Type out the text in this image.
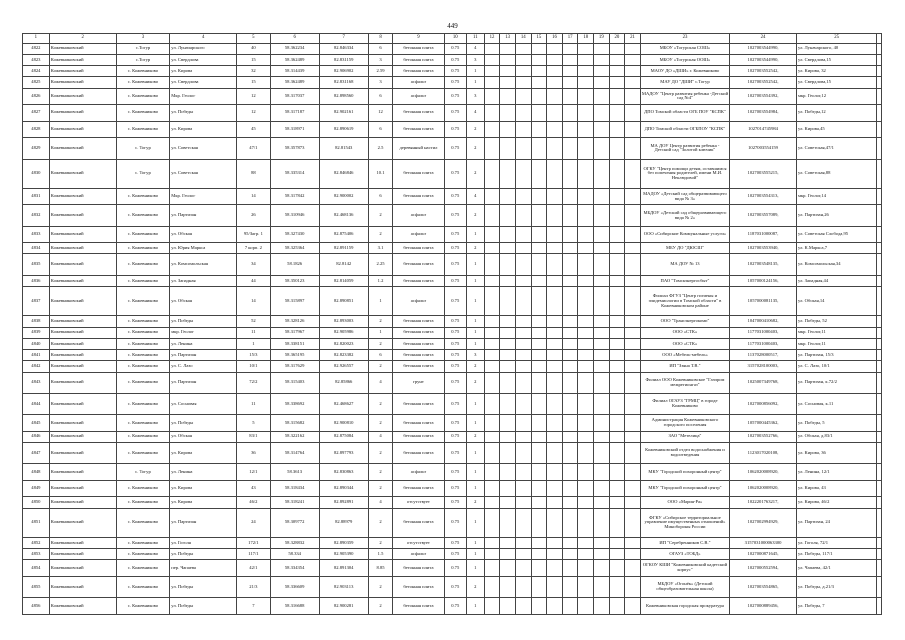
449
1	2	3	4	5	6	7	8	9	10	11	12	13	14	15	16	17	18	19	20	21	23	24	25	
4822	Кожевниковский	с.Тогур	ул. Луначарского	40	58.362234	82.846334	6	бетонная плита	0.75	4											МБОУ «Тогурская СОШ»	1027003544990,	ул. Луначарского, 40	
4823	Кожевниковский	с.Тогур	ул. Свердлова	15	58.362489	82.831159	3	бетонная плита	0.75	3											МБОУ «Тогурская ООШ»	1027003544990,	ул. Свердлова,15	
4824	Кожевниковский	с. Кожевниково	ул. Кирова	32	58.314439	82.906902	2.59	бетонная плита	0.75	1											МАОУ ДО «ДШИ» г. Кожевниково	1027003552542,	ул. Кирова, 32	
4825	Кожевниковский	с. Кожевниково	ул. Свердлова	15	58.362489	82.831168	3	асфальт	0.75	1											МАУ ДО "ДШИ" с.Тогур	1027003552542,	ул. Свердлова,15	
4826	Кожевниковский	с. Кожевниково	Мкр. Геолог	12	58.317037	82.898560	6	асфальт	0.75	3											МАДОУ "Центр развития ребенка -Детский сад №4"	1027003554392,	мкр. Геолог,12	
4827	Кожевниковский	с. Кожевниково	ул. Победы	12	58.317187	82.902161	12	бетонная плита	0.75	4											ДПО Томской области ОГБ ПОУ "КСПК"	1027003554984,	ул. Победы,12	
4828	Кожевниковский	с. Кожевниково	ул. Кирова	45	58.318971	82.890619	6	бетонная плита	0.75	2											ДПО Томской области ОГБПОУ "КСПК"	1027014745984	ул. Кирова,45	
4829	Кожевниковский	с. Тогур	ул. Советская	47/1	58.357873	82.81543	2.5	деревянный настил	0.75	2											МА ДОУ Центр развития ребенка - Детский сад "Золотой ключик"	1027003554159	ул. Советская,47/1	
4830	Кожевниковский	с. Тогур	ул. Советская	88	58.335314	82.846846	10.1	бетонная плита	0.75	2											ОГКУ "Центр помощи детям, оставшимся без попечения родителей, имени М.И. Неклюдовой"	1027003555215,	ул. Советская,88	
4831	Кожевниковский	с. Кожевниково	Мкр. Геолог	14	58.317842	82.900002	6	бетонная плита	0.75	4											МАДОУ «Детский сад общеразвивающего вида № 3»	1027003554313,	мкр. Геолог,14	
4832	Кожевниковский	с. Кожевниково	ул. Партизан	26	58.310946	82.468136	2	асфальт	0.75	2											МБДОУ «Детский сад общеразвивающего вида № 2»	1027003557089,	ул. Партизан,26	
4833	Кожевниковский	с. Кожевниково	ул. Обская	95/Загр. 1	58.327430	82.875406	2	асфальт	0.75	1											ООО «Сибирские Коммунальные услуги»	1187031000087,	ул. Советская Слобода,95	
4834	Кожевниковский	с. Кожевниково	ул. Юрия Маркса	7 корп. 2	58.325364	82.891159	3.1	бетонная плита	0.75	2											МБУ ДО "ДЮСШ"	1027003553940,	ул. К.Маркса,7	
4835	Кожевниковский	с. Кожевниково	ул. Комсомольская	34	58.1826	82.8142	2.25	бетонная плита	0.75	1											МА ДОУ № 13	1027003548135,	ул. Комсомольская,34	
4836	Кожевниковский	с. Кожевниково	ул. Западная	44	58.350123	82.814059	1.2	бетонная плита	0.75	1											ПАО "Томскэнергосбыт"	1057000124156,	ул. Западная,44	
4837	Кожевниковский	с. Кожевниково	ул. Обская	14	58.315897	82.890851	1	асфальт	0.75	1											Филиал ФГУЗ "Центр гигиены и эпидемиологии в Томской области" в Кожевниковском районе	1057000081135,	ул. Обская,14	
4838	Кожевниковский	с. Кожевниково	ул. Победы	52	58.328126	82.893003	2	бетонная плита	0.75	1											ООО "Трансэнергокомп"	1047000410682,	ул. Победы, 52	
4839	Кожевниковский	с. Кожевниково	мкр. Геолог	11	58.317967	82.905986	1	бетонная плита	0.75	1											ООО «СТК»	1177031000403,	мкр. Геолог,11	
4840	Кожевниковский	с. Кожевниково	ул. Ленина	1	58.338151	82.820023	2	бетонная плита	0.75	1											ООО «СТК»	1177031000403,	мкр. Геолог,11	
4841	Кожевниковский	с. Кожевниково	ул. Партизан	15/3	58.365195	82.823382	6	бетонная плита	0.75	3											ООО «Мебель-мебель»	1137028000517,	ул. Партизан, 15/3	
4842	Кожевниковский	с. Кожевниково	ул. С. Лазо	10/1	58.317629	82.926557	2	бетонная плита	0.75	2											ИП "Ззяна Т.В."	3157028100003,	ул. С. Лазо, 10/1	
4843	Кожевниковский	с. Кожевниково	ул. Партизан	72/2	58.315403	82.85866	4	грунт	0.75	2											Филиал ООО Кожевниковское "Газпром межрегионгаз"	1025007349768,	ул. Партизан, к.72/2	
4844	Кожевниковский	с. Кожевниково	ул. Сосновая	11	58.338692	82.468627	2	бетонная плита	0.75	1											Филиал ОГАУЗ "ГРМЦ" в городе Кожевниково	1027000856092,	ул. Сосновая, к.11	
4845	Кожевниковский	с. Кожевниково	ул. Победы	5	58.315682	82.900810	2	бетонная плита	0.75	1											Администрация Кожевниковского городского поселения	1057000445362,	ул. Победы, 5	
4846	Кожевниковский	с. Кожевниково	ул. Обская	83/1	58.322162	82.875084	4	бетонная плита	0.75	2											ЗАО "Метелица"	1027003552766,	ул. Обская, д.83/1	
4847	Кожевниковский	с. Кожевниково	ул. Кирова	36	58.314764	82.897793	2	бетонная плита	0.75	1											Кожевниковский отдел водоснабжения и водоотведения	1123017020108,	ул. Кирова, 36	
4848	Кожевниковский	с. Тогур	ул. Ленина	12/1	58.3613	82.830863	2	асфальт	0.75	1											МКУ "Городской похоронный центр"	1062020008920,	ул. Ленина, 12/1	
4849	Кожевниковский	с. Кожевниково	ул. Кирова	43	58.318434	82.890344	2	бетонная плита	0.75	1											МКУ "Городской похоронный центр"	1062020008920,	ул. Кирова, 43	
4850	Кожевниковский	с. Кожевниково	ул. Кирова	46/2	58.318241	82.892891	4	отсутствует	0.75	2											ООО «Мария-Ра»	1022201763217,	ул. Кирова, 46/2	
4851	Кожевниковский	с. Кожевниково	ул. Партизан	24	58.309772	82.88979	2	бетонная плита	0.75	1											ФГКУ «Сибирское территориальное управление имущественных отношений» Минобороны России	1027002994929,	ул. Партизан, 24	
4852	Кожевниковский	с. Кожевниково	ул. Гоголя	172/1	58.328832	82.890359	2	отсутствует	0.75	1											ИП "Серебренников С.В."	3157031000063300	ул. Гоголя, 72/1	
4853	Кожевниковский	с. Кожевниково	ул. Победы	117/1	58.334	82.905390	1.5	асфальт	0.75	1											ОГАУЗ «ТОБД»	1027000871645,	ул. Победы, 117/1	
4854	Кожевниковский	с. Кожевниково	пер. Чапаева	42/1	58.334354	82.891304	8.85	бетонная плита	0.75	1											ОГКОУ КШИ "Кожевниковский кадетский корпус"	1027000552594,	ул. Чапаева, 42/1	
4855	Кожевниковский	с. Кожевниково	ул. Победы	21/3	58.336609	82.903113	2	бетонная плита	0.75	2											МБДОУ «Огонёк» (Детский общеобразовательная школа)	1027003554865,	ул. Победы, д.21/3	
4856	Кожевниковский	с. Кожевниково	ул. Победы	7	58.316688	82.900281	2	бетонная плита	0.75	1											Кожевниковская городская прокуратура	1027000889456,	ул. Победы, 7	
